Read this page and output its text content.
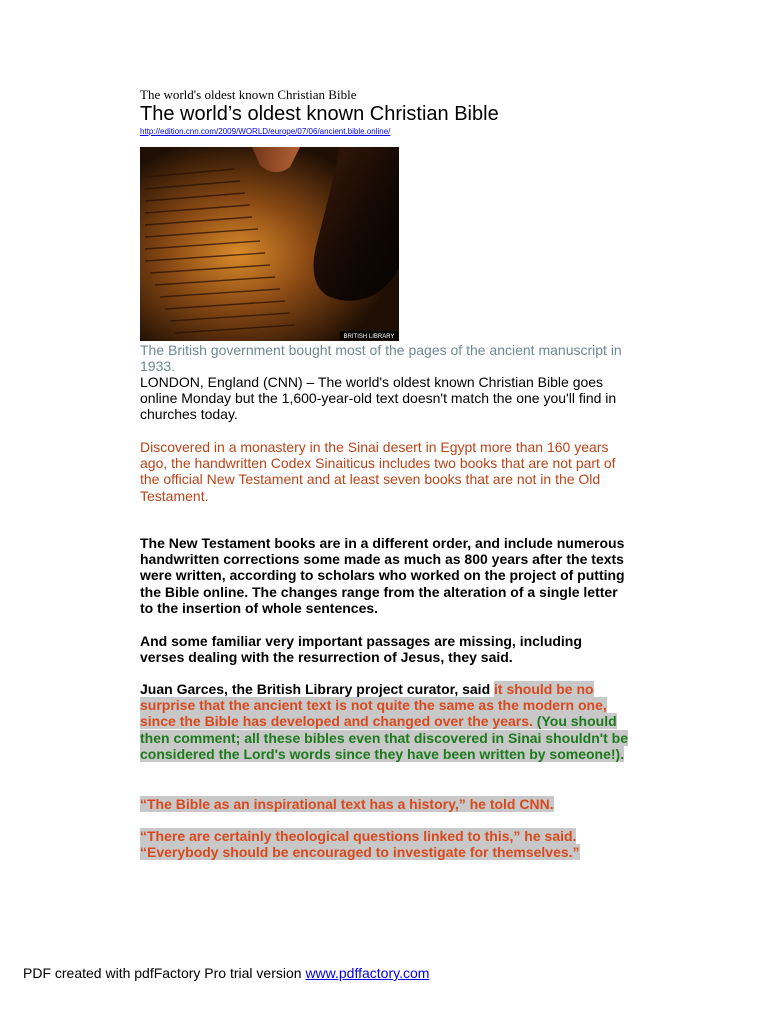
The world's oldest known Christian Bible
The world’s oldest known Christian Bible
http://edition.cnn.com/2009/WORLD/europe/07/06/ancient.bible.online/
BRITISH LIBRARY
The British government bought most of the pages of the ancient manuscript in 1933.
LONDON, England (CNN) – The world's oldest known Christian Bible goes online Monday but the 1,600-year-old text doesn't match the one you'll find in churches today.
Discovered in a monastery in the Sinai desert in Egypt more than 160 years ago, the handwritten Codex Sinaiticus includes two books that are not part of the official New Testament and at least seven books that are not in the Old Testament.
The New Testament books are in a different order, and include numerous handwritten corrections some made as much as 800 years after the texts were written, according to scholars who worked on the project of putting the Bible online. The changes range from the alteration of a single letter to the insertion of whole sentences.
And some familiar very important passages are missing, including verses dealing with the resurrection of Jesus, they said.
Juan Garces, the British Library project curator, said it should be no surprise that the ancient text is not quite the same as the modern one, since the Bible has developed and changed over the years. (You should then comment; all these bibles even that discovered in Sinai shouldn't be considered the Lord's words since they have been written by someone!).
“The Bible as an inspirational text has a history,” he told CNN.
“There are certainly theological questions linked to this,” he said. “Everybody should be encouraged to investigate for themselves.”
PDF created with pdfFactory Pro trial version www.pdffactory.com
